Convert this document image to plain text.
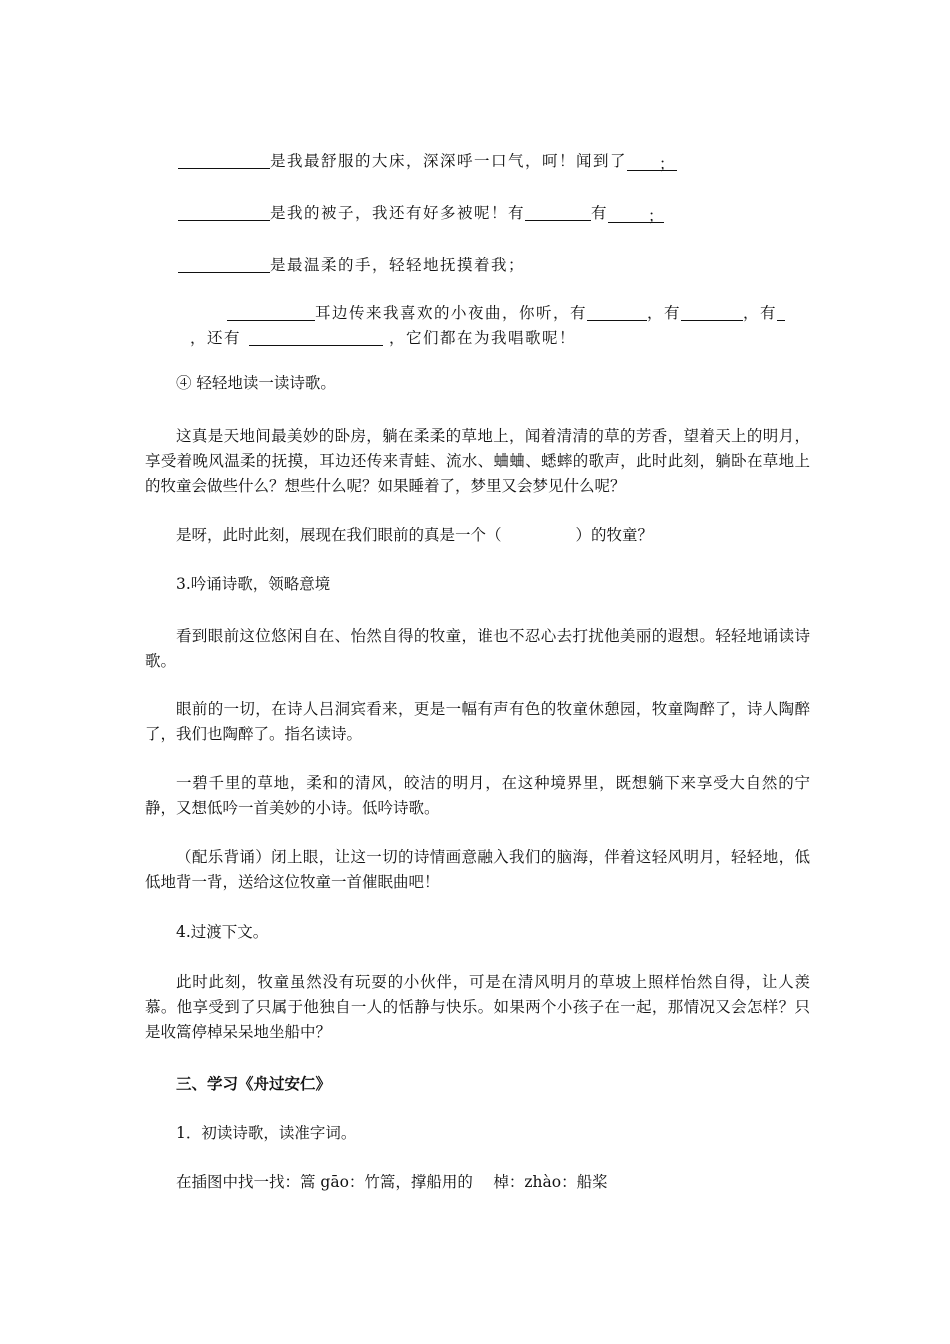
是我最舒服的大床，深深呼一口气，呵！闻到了 ；
是我的被子，我还有好多被呢！有	有	；
是最温柔的手，轻轻地抚摸着我；
耳边传来我喜欢的小夜曲，你听，有	，有	，有
，还有	，它们都在为我唱歌呢！
④ 轻轻地读一读诗歌。
这真是天地间最美妙的卧房，躺在柔柔的草地上，闻着清清的草的芳香，望着天上的明月，享受着晚风温柔的抚摸，耳边还传来青蛙、流水、蛐蛐、蟋蟀的歌声，此时此刻，躺卧在草地上的牧童会做些什么？想些什么呢？如果睡着了，梦里又会梦见什么呢？
是呀，此时此刻，展现在我们眼前的真是一个（	）的牧童？
3.吟诵诗歌，领略意境
看到眼前这位悠闲自在、怡然自得的牧童，谁也不忍心去打扰他美丽的遐想。轻轻地诵读诗歌。
眼前的一切，在诗人吕洞宾看来，更是一幅有声有色的牧童休憩园，牧童陶醉了，诗人陶醉了，我们也陶醉了。指名读诗。
一碧千里的草地，柔和的清风，皎洁的明月，在这种境界里，既想躺下来享受大自然的宁静，又想低吟一首美妙的小诗。低吟诗歌。
（配乐背诵）闭上眼，让这一切的诗情画意融入我们的脑海，伴着这轻风明月，轻轻地，低低地背一背，送给这位牧童一首催眠曲吧！
4.过渡下文。
此时此刻，牧童虽然没有玩耍的小伙伴，可是在清风明月的草坡上照样怡然自得，让人羡慕。他享受到了只属于他独自一人的恬静与快乐。如果两个小孩子在一起，那情况又会怎样？只是收篙停棹呆呆地坐船中？
三、学习《舟过安仁》
1．初读诗歌，读准字词。
在插图中找一找：篙 gāo：竹篙，撑船用的　 棹：zhào：船桨
